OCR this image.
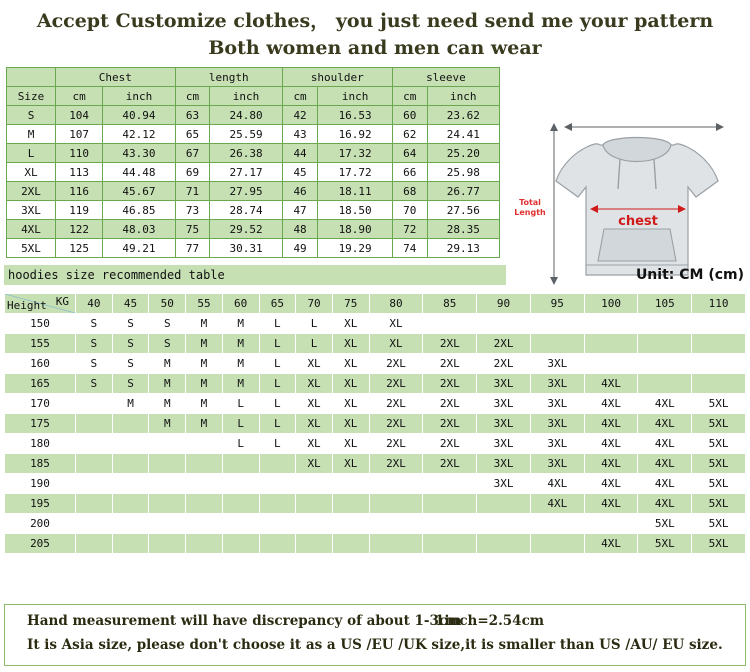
Accept Customize clothes， you just need send me your pattern
Both women and men can wear
	Chest		length		shoulder		sleeve	
Size	cm	inch	cm	inch	cm	inch	cm	inch
S	104	40.94	63	24.80	42	16.53	60	23.62
M	107	42.12	65	25.59	43	16.92	62	24.41
L	110	43.30	67	26.38	44	17.32	64	25.20
XL	113	44.48	69	27.17	45	17.72	66	25.98
2XL	116	45.67	71	27.95	46	18.11	68	26.77
3XL	119	46.85	73	28.74	47	18.50	70	27.56
4XL	122	48.03	75	29.52	48	18.90	72	28.35
5XL	125	49.21	77	30.31	49	19.29	74	29.13
chest
Total
Length
hoodies size recommended table	Unit: CM (cm)
KG
Height	40	45	50	55	60	65	70	75	80	85	90	95	100	105	110
150	S	S	S	M	M	L	L	XL	XL						
155	S	S	S	M	M	L	L	XL	XL	2XL	2XL				
160	S	S	M	M	M	L	XL	XL	2XL	2XL	2XL	3XL			
165	S	S	M	M	M	L	XL	XL	2XL	2XL	3XL	3XL	4XL		
170		M	M	M	L	L	XL	XL	2XL	2XL	3XL	3XL	4XL	4XL	5XL
175			M	M	L	L	XL	XL	2XL	2XL	3XL	3XL	4XL	4XL	5XL
180					L	L	XL	XL	2XL	2XL	3XL	3XL	4XL	4XL	5XL
185							XL	XL	2XL	2XL	3XL	3XL	4XL	4XL	5XL
190											3XL	4XL	4XL	4XL	5XL
195												4XL	4XL	4XL	5XL
200														5XL	5XL
205													4XL	5XL	5XL
Hand measurement will have discrepancy of about 1-3cm
1inch=2.54cm
It is Asia size, please don't choose it as a US /EU /UK size,it is smaller than US /AU/ EU size.
